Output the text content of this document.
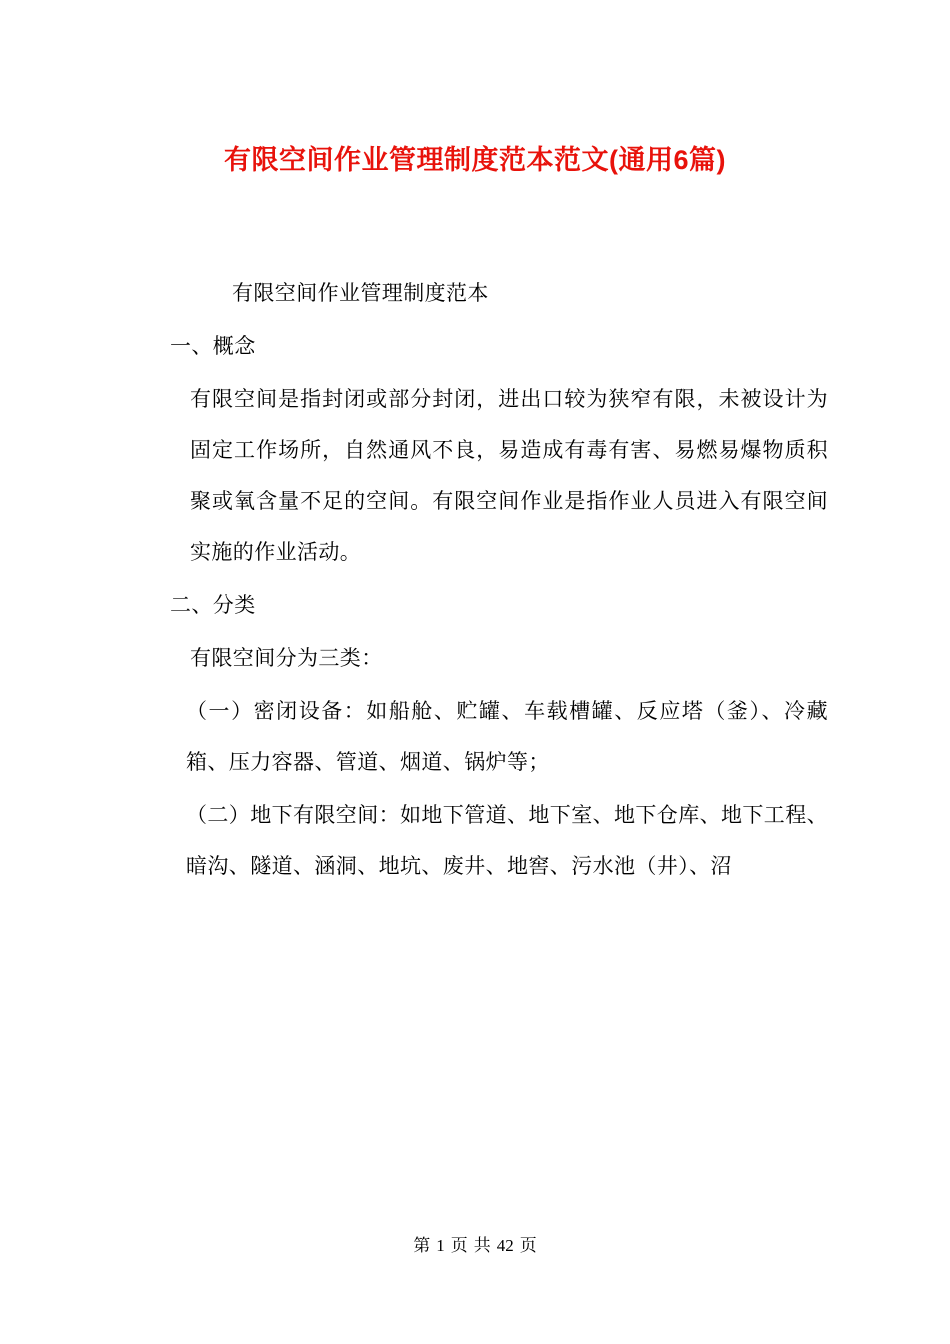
有限空间作业管理制度范本范文(通用6篇)

有限空间作业管理制度范本

一、概念

有限空间是指封闭或部分封闭，进出口较为狭窄有限，未被设计为固定工作场所，自然通风不良，易造成有毒有害、易燃易爆物质积聚或氧含量不足的空间。有限空间作业是指作业人员进入有限空间实施的作业活动。

二、分类

有限空间分为三类：

（一）密闭设备：如船舱、贮罐、车载槽罐、反应塔（釜）、冷藏箱、压力容器、管道、烟道、锅炉等；

（二）地下有限空间：如地下管道、地下室、地下仓库、地下工程、暗沟、隧道、涵洞、地坑、废井、地窖、污水池（井）、沼

第 1 页 共 42 页
